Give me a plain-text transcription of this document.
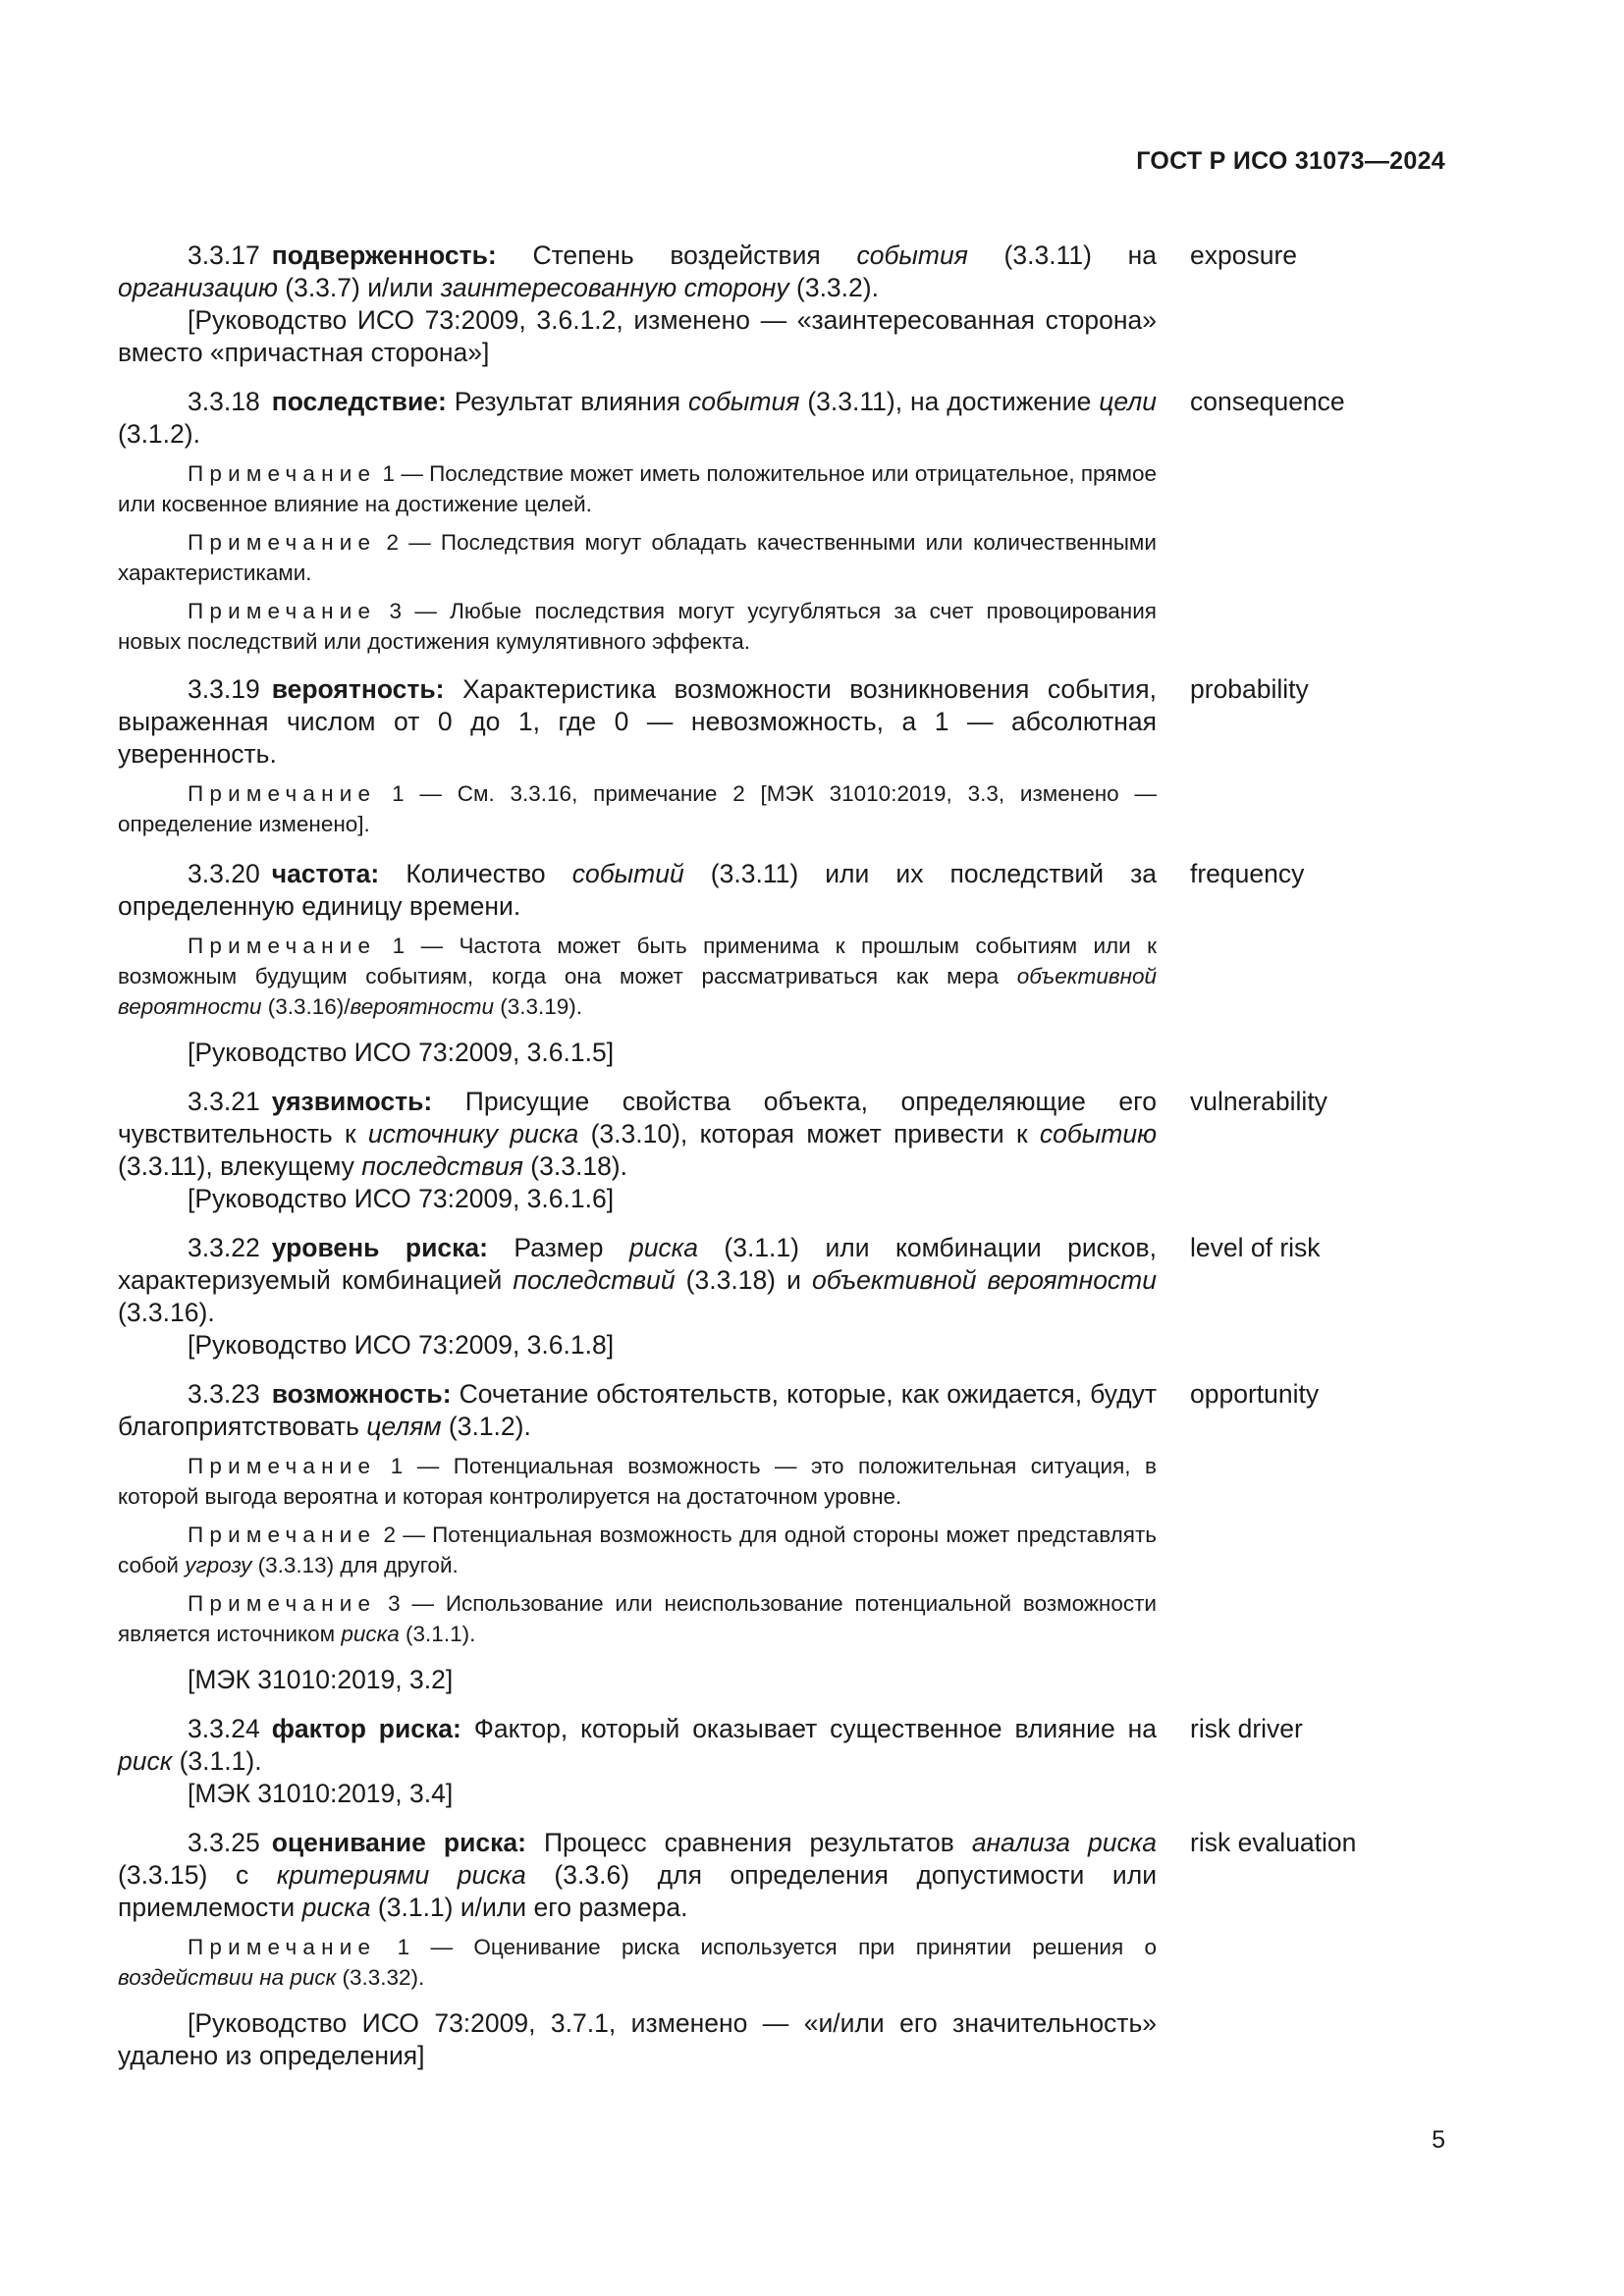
ГОСТ Р ИСО 31073—2024
3.3.17 подверженность: Степень воздействия события (3.3.11) на организацию (3.3.7) и/или заинтересованную сторону (3.3.2).
[Руководство ИСО 73:2009, 3.6.1.2, изменено — «заинтересованная сторона» вместо «причастная сторона»]
exposure
3.3.18 последствие: Результат влияния события (3.3.11), на достижение цели (3.1.2).
Примечание 1 — Последствие может иметь положительное или отрицательное, прямое или косвенное влияние на достижение целей.
Примечание 2 — Последствия могут обладать качественными или количественными характеристиками.
Примечание 3 — Любые последствия могут усугубляться за счет провоцирования новых последствий или достижения кумулятивного эффекта.
consequence
3.3.19 вероятность: Характеристика возможности возникновения события, выраженная числом от 0 до 1, где 0 — невозможность, а 1 — абсолютная уверенность.
Примечание 1 — См. 3.3.16, примечание 2 [МЭК 31010:2019, 3.3, изменено — определение изменено].
probability
3.3.20 частота: Количество событий (3.3.11) или их последствий за определенную единицу времени.
Примечание 1 — Частота может быть применима к прошлым событиям или к возможным будущим событиям, когда она может рассматриваться как мера объективной вероятности (3.3.16)/вероятности (3.3.19).
[Руководство ИСО 73:2009, 3.6.1.5]
frequency
3.3.21 уязвимость: Присущие свойства объекта, определяющие его чувствительность к источнику риска (3.3.10), которая может привести к событию (3.3.11), влекущему последствия (3.3.18).
[Руководство ИСО 73:2009, 3.6.1.6]
vulnerability
3.3.22 уровень риска: Размер риска (3.1.1) или комбинации рисков, характеризуемый комбинацией последствий (3.3.18) и объективной вероятности (3.3.16).
[Руководство ИСО 73:2009, 3.6.1.8]
level of risk
3.3.23 возможность: Сочетание обстоятельств, которые, как ожидается, будут благоприятствовать целям (3.1.2).
Примечание 1 — Потенциальная возможность — это положительная ситуация, в которой выгода вероятна и которая контролируется на достаточном уровне.
Примечание 2 — Потенциальная возможность для одной стороны может представлять собой угрозу (3.3.13) для другой.
Примечание 3 — Использование или неиспользование потенциальной возможности является источником риска (3.1.1).
[МЭК 31010:2019, 3.2]
opportunity
3.3.24 фактор риска: Фактор, который оказывает существенное влияние на риск (3.1.1).
[МЭК 31010:2019, 3.4]
risk driver
3.3.25 оценивание риска: Процесс сравнения результатов анализа риска (3.3.15) с критериями риска (3.3.6) для определения допустимости или приемлемости риска (3.1.1) и/или его размера.
Примечание 1 — Оценивание риска используется при принятии решения о воздействии на риск (3.3.32).
[Руководство ИСО 73:2009, 3.7.1, изменено — «и/или его значительность» удалено из определения]
risk evaluation
5
